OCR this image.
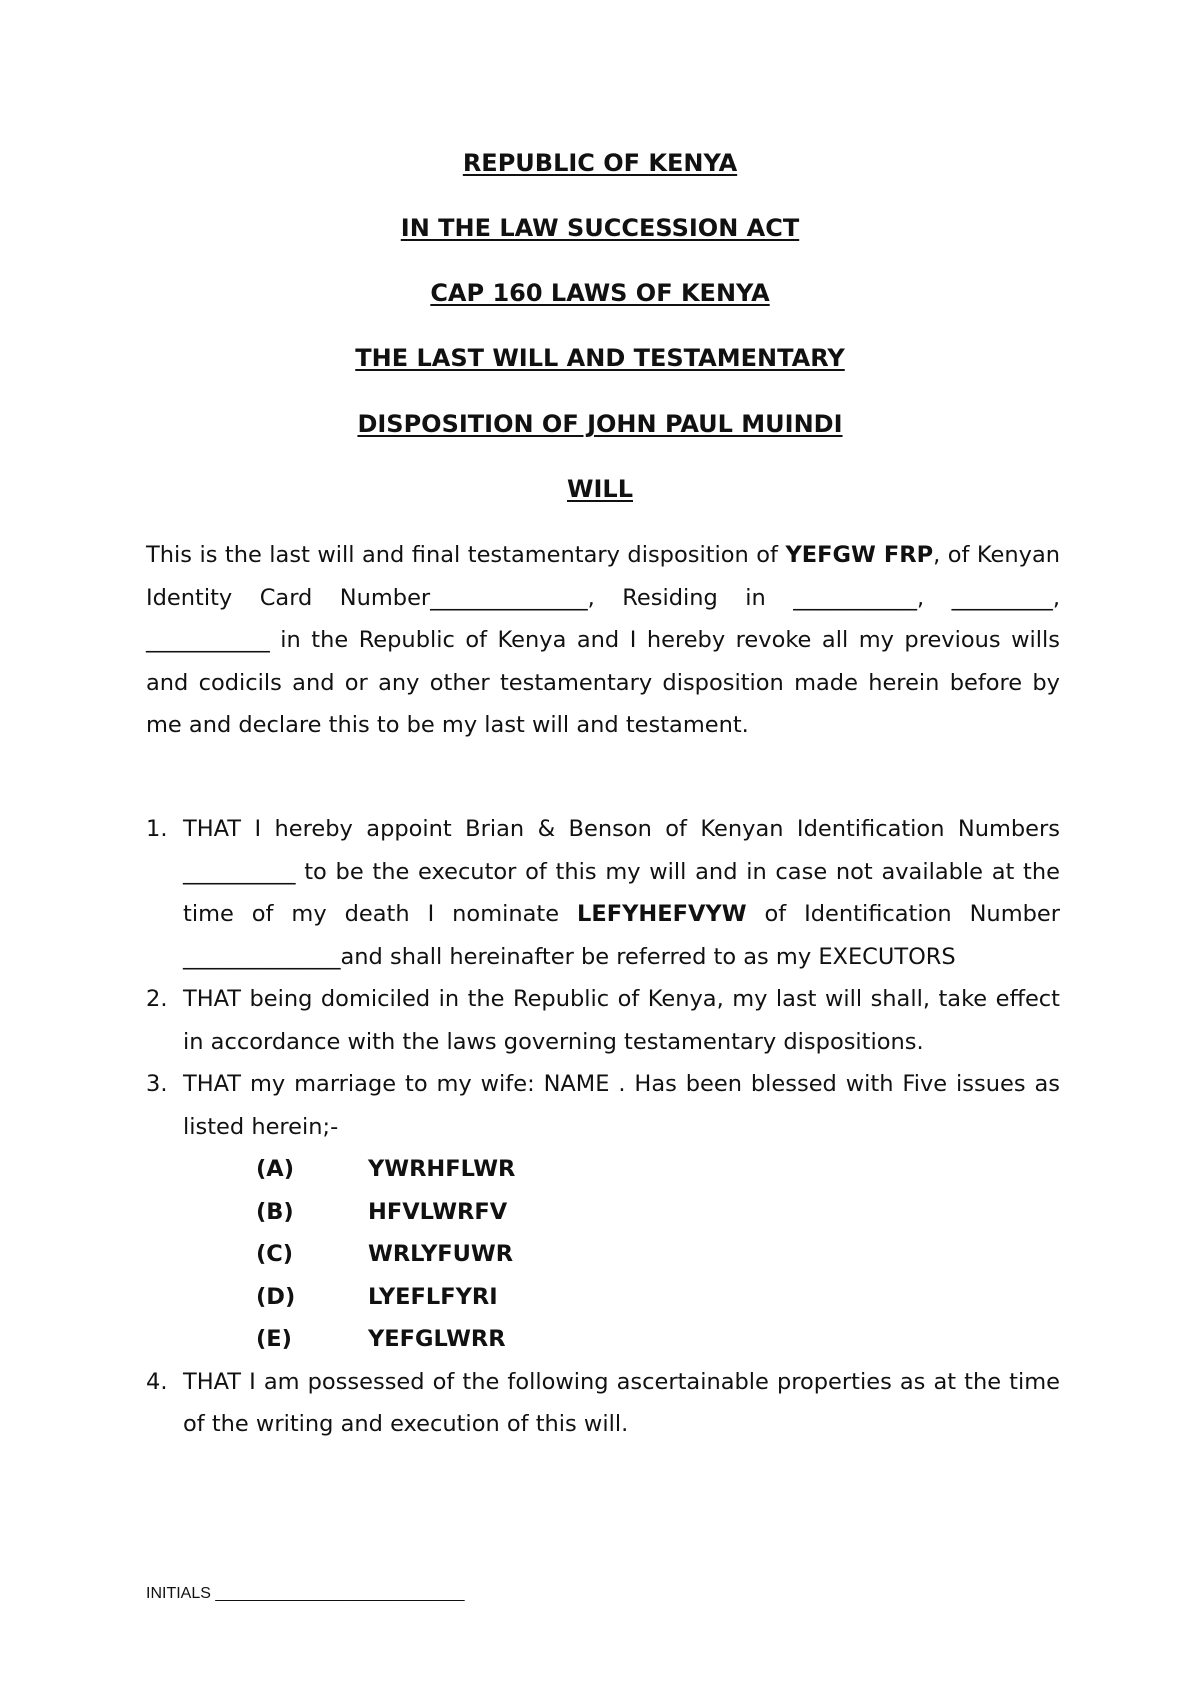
REPUBLIC OF KENYA

IN THE LAW SUCCESSION ACT

CAP 160 LAWS OF KENYA

THE LAST WILL AND TESTAMENTARY

DISPOSITION OF JOHN PAUL MUINDI

WILL

This is the last will and final testamentary disposition of YEFGW FRP, of Kenyan Identity Card Number______________, Residing in ___________, _________, ___________ in the Republic of Kenya and I hereby revoke all my previous wills and codicils and or any other testamentary disposition made herein before by me and declare this to be my last will and testament.

1. THAT I hereby appoint Brian & Benson of Kenyan Identification Numbers __________ to be the executor of this my will and in case not available at the time of my death I nominate LEFYHEFVYW of Identification Number ______________and shall hereinafter be referred to as my EXECUTORS
2. THAT being domiciled in the Republic of Kenya, my last will shall, take effect in accordance with the laws governing testamentary dispositions.
3. THAT my marriage to my wife: NAME . Has been blessed with Five issues as listed herein;-
(A)	YWRHFLWR
(B)	HFVLWRFV
(C)	WRLYFUWR
(D)	LYEFLFYRI
(E)	YEFGLWRR
4. THAT I am possessed of the following ascertainable properties as at the time of the writing and execution of this will.
INITIALS ____________________________
